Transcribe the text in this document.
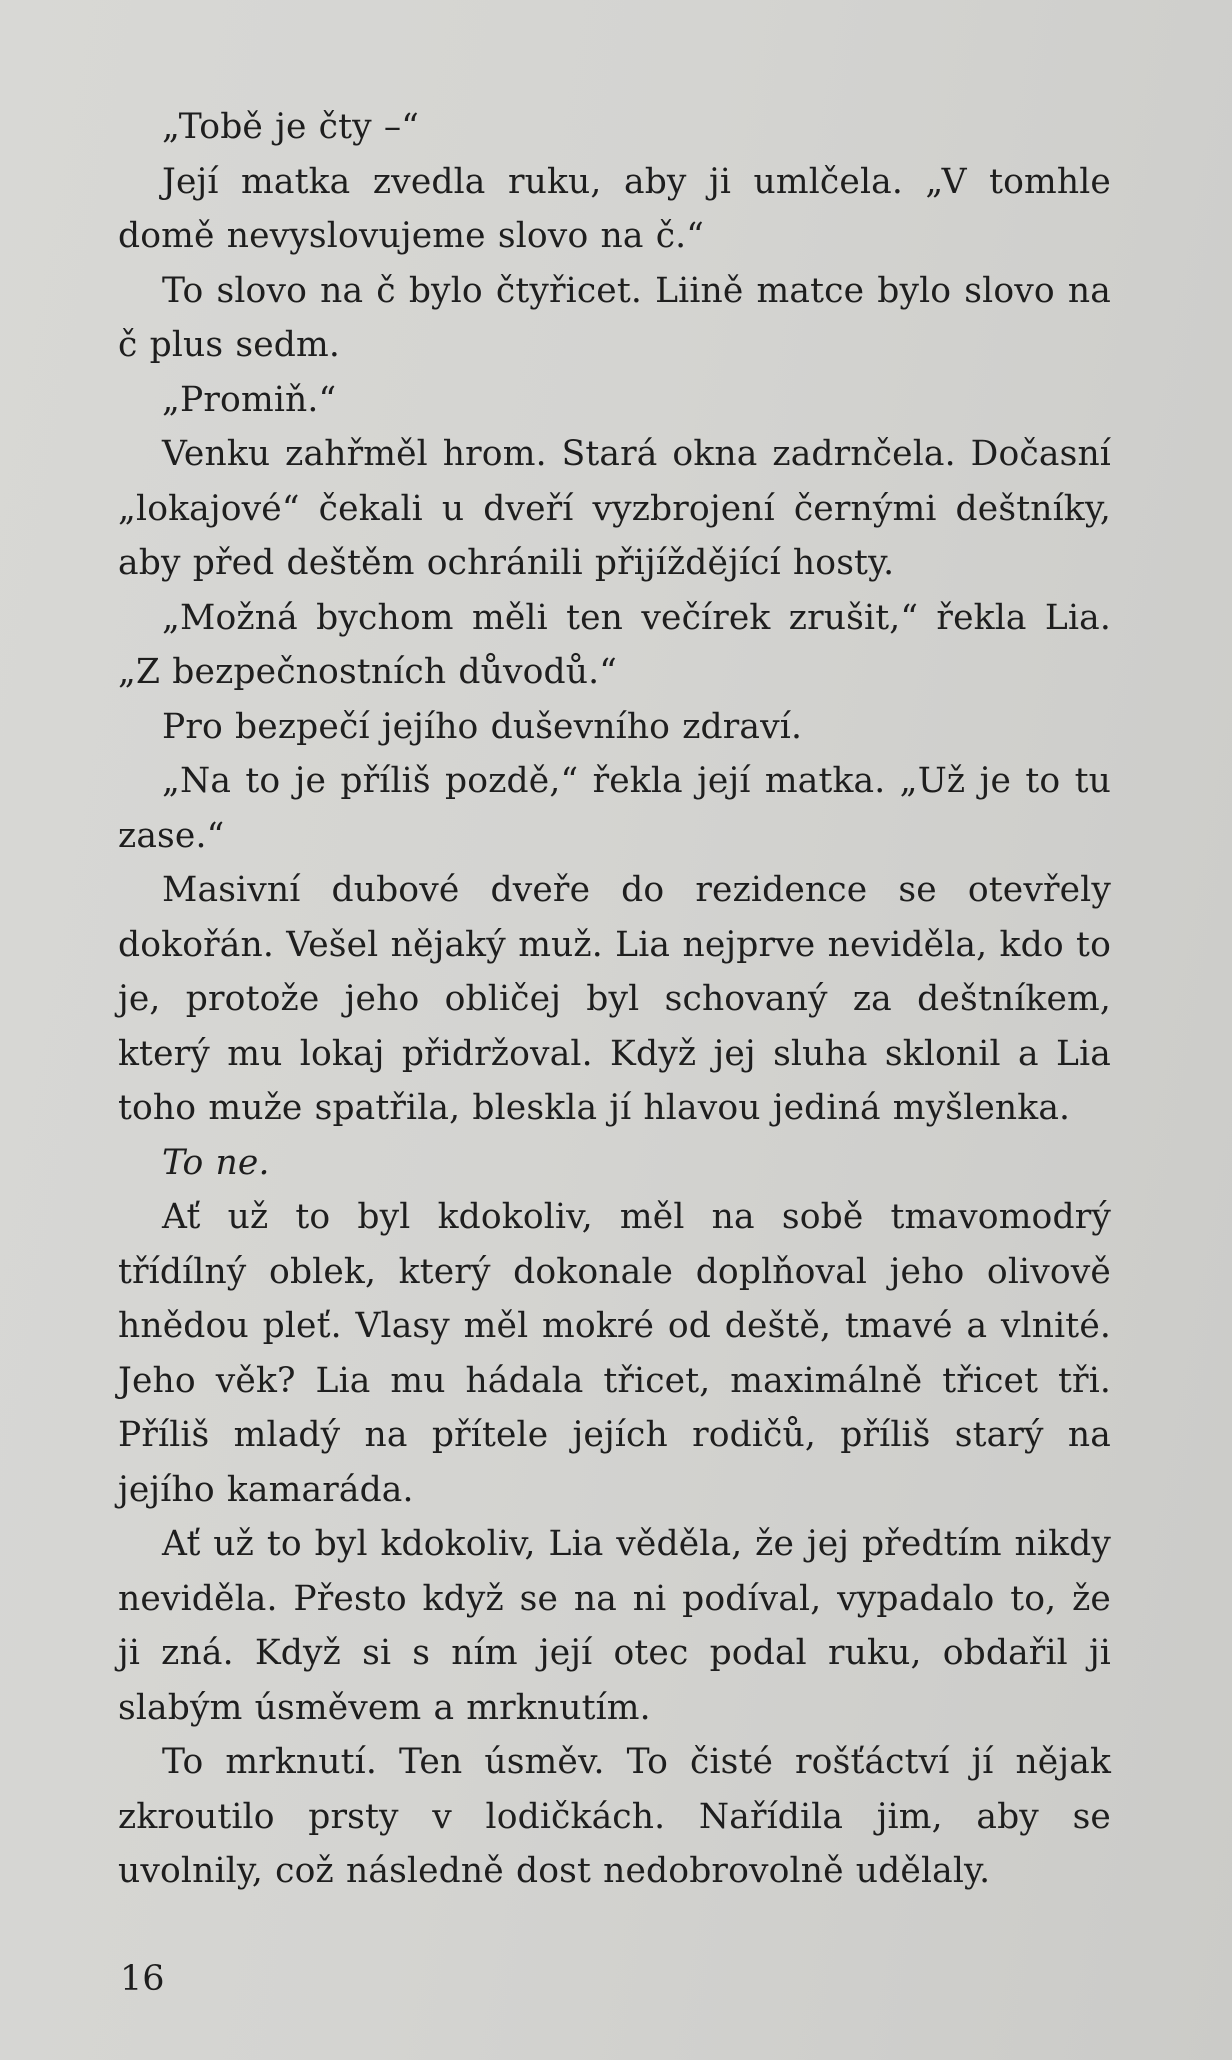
„Tobě je čty –“

Její matka zvedla ruku, aby ji umlčela. „V tomhle domě nevyslovujeme slovo na č.“

To slovo na č bylo čtyřicet. Liině matce bylo slovo na č plus sedm.

„Promiň.“

Venku zahřměl hrom. Stará okna zadrnčela. Dočasní „lokajové“ čekali u dveří vyzbrojení černými deštníky, aby před deštěm ochránili přijíždějící hosty.

„Možná bychom měli ten večírek zrušit,“ řekla Lia. „Z bezpečnostních důvodů.“

Pro bezpečí jejího duševního zdraví.

„Na to je příliš pozdě,“ řekla její matka. „Už je to tu zase.“

Masivní dubové dveře do rezidence se otevřely dokořán. Vešel nějaký muž. Lia nejprve neviděla, kdo to je, protože jeho obličej byl schovaný za deštníkem, který mu lokaj přidržoval. Když jej sluha sklonil a Lia toho muže spatřila, bleskla jí hlavou jediná myšlenka.

To ne.

Ať už to byl kdokoliv, měl na sobě tmavomodrý třídílný oblek, který dokonale doplňoval jeho olivově hnědou pleť. Vlasy měl mokré od deště, tmavé a vlnité. Jeho věk? Lia mu hádala třicet, maximálně třicet tři. Příliš mladý na přítele jejích rodičů, příliš starý na jejího kamaráda.

Ať už to byl kdokoliv, Lia věděla, že jej předtím nikdy neviděla. Přesto když se na ni podíval, vypadalo to, že ji zná. Když si s ním její otec podal ruku, obdařil ji slabým úsměvem a mrknutím.

To mrknutí. Ten úsměv. To čisté rošťáctví jí nějak zkroutilo prsty v lodičkách. Nařídila jim, aby se uvolnily, což následně dost nedobrovolně udělaly.

16
